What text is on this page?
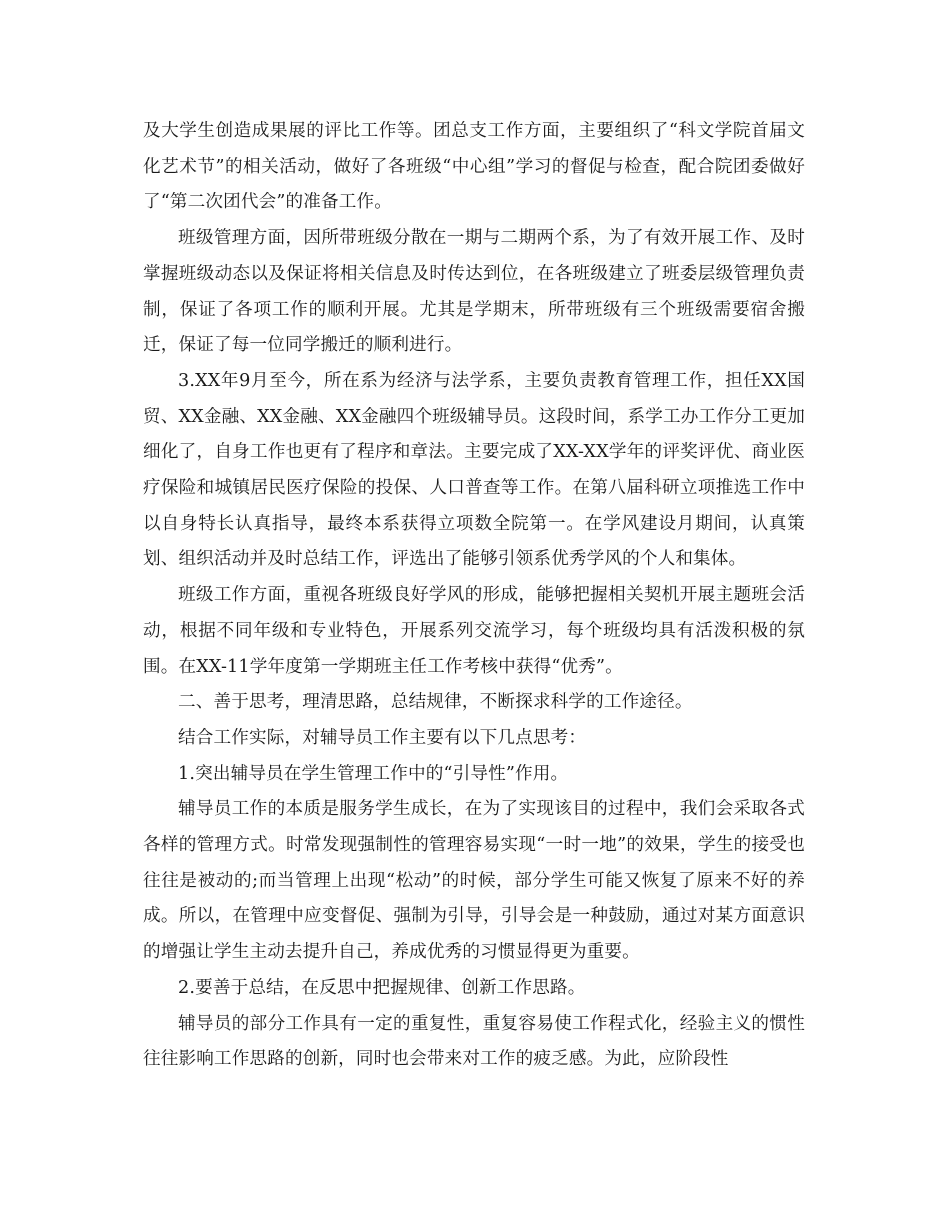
及大学生创造成果展的评比工作等。团总支工作方面，主要组织了“科文学院首届文化艺术节”的相关活动，做好了各班级“中心组”学习的督促与检查，配合院团委做好了“第二次团代会”的准备工作。

班级管理方面，因所带班级分散在一期与二期两个系，为了有效开展工作、及时掌握班级动态以及保证将相关信息及时传达到位，在各班级建立了班委层级管理负责制，保证了各项工作的顺利开展。尤其是学期末，所带班级有三个班级需要宿舍搬迁，保证了每一位同学搬迁的顺利进行。

3.XX年9月至今，所在系为经济与法学系，主要负责教育管理工作，担任XX国贸、XX金融、XX金融、XX金融四个班级辅导员。这段时间，系学工办工作分工更加细化了，自身工作也更有了程序和章法。主要完成了XX-XX学年的评奖评优、商业医疗保险和城镇居民医疗保险的投保、人口普查等工作。在第八届科研立项推选工作中以自身特长认真指导，最终本系获得立项数全院第一。在学风建设月期间，认真策划、组织活动并及时总结工作，评选出了能够引领系优秀学风的个人和集体。

班级工作方面，重视各班级良好学风的形成，能够把握相关契机开展主题班会活动，根据不同年级和专业特色，开展系列交流学习，每个班级均具有活泼积极的氛围。在XX-11学年度第一学期班主任工作考核中获得“优秀”。

二、善于思考，理清思路，总结规律，不断探求科学的工作途径。

结合工作实际，对辅导员工作主要有以下几点思考：

1.突出辅导员在学生管理工作中的“引导性”作用。

辅导员工作的本质是服务学生成长，在为了实现该目的过程中，我们会采取各式各样的管理方式。时常发现强制性的管理容易实现“一时一地”的效果，学生的接受也往往是被动的;而当管理上出现“松动”的时候，部分学生可能又恢复了原来不好的养成。所以，在管理中应变督促、强制为引导，引导会是一种鼓励，通过对某方面意识的增强让学生主动去提升自己，养成优秀的习惯显得更为重要。

2.要善于总结，在反思中把握规律、创新工作思路。

辅导员的部分工作具有一定的重复性，重复容易使工作程式化，经验主义的惯性往往影响工作思路的创新，同时也会带来对工作的疲乏感。为此，应阶段性
